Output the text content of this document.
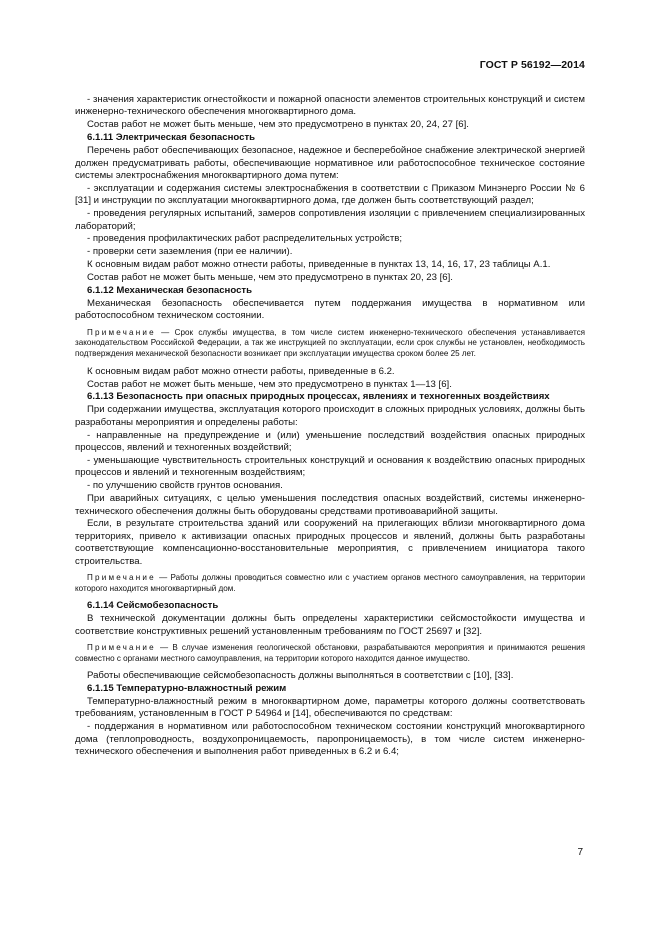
ГОСТ Р 56192—2014

- значения характеристик огнестойкости и пожарной опасности элементов строительных конструкций и систем инженерно-технического обеспечения многоквартирного дома.

Состав работ не может быть меньше, чем это предусмотрено в пунктах 20, 24, 27 [6].

6.1.11 Электрическая безопасность

Перечень работ обеспечивающих безопасное, надежное и бесперебойное снабжение электрической энергией должен предусматривать работы, обеспечивающие нормативное или работоспособное техническое состояние системы электроснабжения многоквартирного дома путем:

- эксплуатации и содержания системы электроснабжения в соответствии с Приказом Минэнерго России № 6 [31] и инструкции по эксплуатации многоквартирного дома, где должен быть соответствующий раздел;

- проведения регулярных испытаний, замеров сопротивления изоляции с привлечением специализированных лабораторий;

- проведения профилактических работ распределительных устройств;

- проверки сети заземления (при ее наличии).

К основным видам работ можно отнести работы, приведенные в пунктах 13, 14, 16, 17, 23 таблицы А.1.

Состав работ не может быть меньше, чем это предусмотрено в пунктах 20, 23 [6].

6.1.12 Механическая безопасность

Механическая безопасность обеспечивается путем поддержания имущества в нормативном или работоспособном техническом состоянии.

Примечание — Срок службы имущества, в том числе систем инженерно-технического обеспечения устанавливается законодательством Российской Федерации, а так же инструкцией по эксплуатации, если срок службы не установлен, необходимость подтверждения механической безопасности возникает при эксплуатации имущества сроком более 25 лет.

К основным видам работ можно отнести работы, приведенные в 6.2.

Состав работ не может быть меньше, чем это предусмотрено в пунктах 1—13 [6].

6.1.13 Безопасность при опасных природных процессах, явлениях и техногенных воздействиях

При содержании имущества, эксплуатация которого происходит в сложных природных условиях, должны быть разработаны мероприятия и определены работы:

- направленные на предупреждение и (или) уменьшение последствий воздействия опасных природных процессов, явлений и техногенных воздействий;

- уменьшающие чувствительность строительных конструкций и основания к воздействию опасных природных процессов и явлений и техногенным воздействиям;

- по улучшению свойств грунтов основания.

При аварийных ситуациях, с целью уменьшения последствия опасных воздействий, системы инженерно-технического обеспечения должны быть оборудованы средствами противоаварийной защиты.

Если, в результате строительства зданий или сооружений на прилегающих вблизи многоквартирного дома территориях, привело к активизации опасных природных процессов и явлений, должны быть разработаны соответствующие компенсационно-восстановительные мероприятия, с привлечением инициатора такого строительства.

Примечание — Работы должны проводиться совместно или с участием органов местного самоуправления, на территории которого находится многоквартирный дом.

6.1.14 Сейсмобезопасность

В технической документации должны быть определены характеристики сейсмостойкости имущества и соответствие конструктивных решений установленным требованиям по ГОСТ 25697 и [32].

Примечание — В случае изменения геологической обстановки, разрабатываются мероприятия и принимаются решения совместно с органами местного самоуправления, на территории которого находится данное имущество.

Работы обеспечивающие сейсмобезопасность должны выполняться в соответствии с [10], [33].

6.1.15 Температурно-влажностный режим

Температурно-влажностный режим в многоквартирном доме, параметры которого должны соответствовать требованиям, установленным в ГОСТ Р 54964 и [14], обеспечиваются по средствам:

- поддержания в нормативном или работоспособном техническом состоянии конструкций многоквартирного дома (теплопроводность, воздухопроницаемость, паропроницаемость), в том числе систем инженерно-технического обеспечения и выполнения работ приведенных в 6.2 и 6.4;

7
